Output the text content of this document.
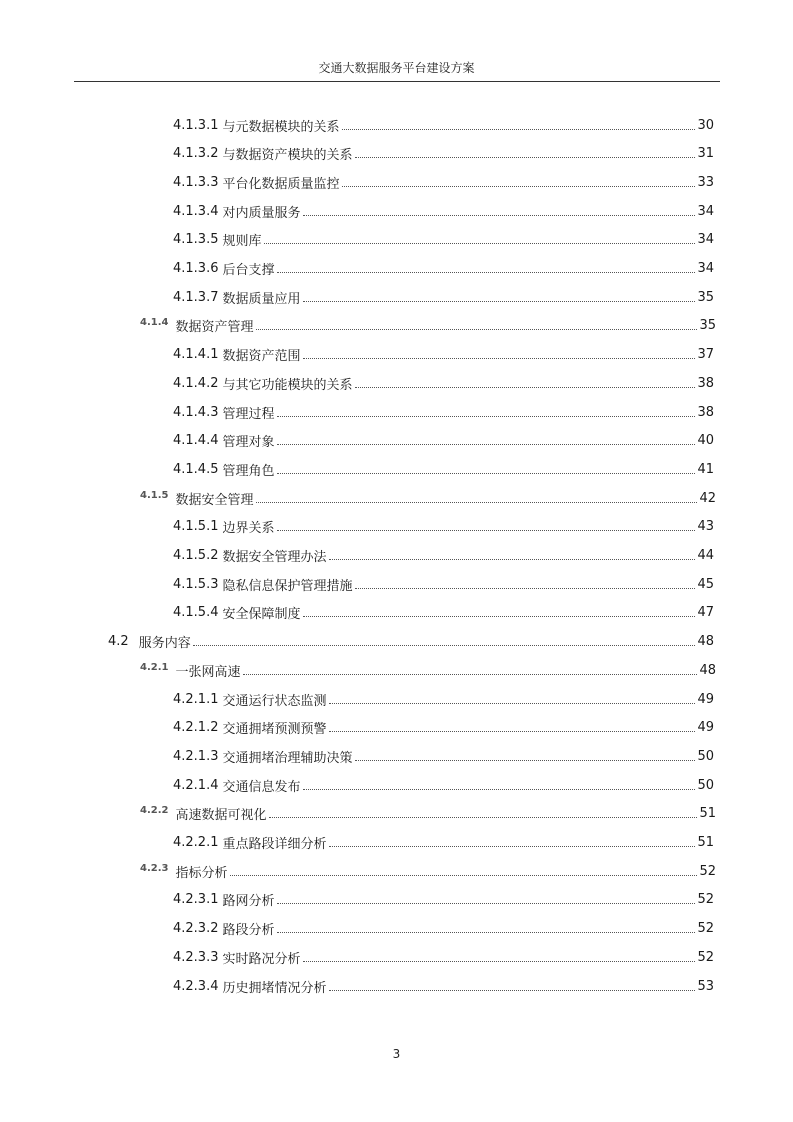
交通大数据服务平台建设方案
4.1.3.1 与元数据模块的关系	30
4.1.3.2 与数据资产模块的关系	31
4.1.3.3 平台化数据质量监控	33
4.1.3.4 对内质量服务	34
4.1.3.5 规则库	34
4.1.3.6 后台支撑	34
4.1.3.7 数据质量应用	35
4.1.4 数据资产管理	35
4.1.4.1 数据资产范围	37
4.1.4.2 与其它功能模块的关系	38
4.1.4.3 管理过程	38
4.1.4.4 管理对象	40
4.1.4.5 管理角色	41
4.1.5 数据安全管理	42
4.1.5.1 边界关系	43
4.1.5.2 数据安全管理办法	44
4.1.5.3 隐私信息保护管理措施	45
4.1.5.4 安全保障制度	47
4.2 服务内容	48
4.2.1 一张网高速	48
4.2.1.1 交通运行状态监测	49
4.2.1.2 交通拥堵预测预警	49
4.2.1.3 交通拥堵治理辅助决策	50
4.2.1.4 交通信息发布	50
4.2.2 高速数据可视化	51
4.2.2.1 重点路段详细分析	51
4.2.3 指标分析	52
4.2.3.1 路网分析	52
4.2.3.2 路段分析	52
4.2.3.3 实时路况分析	52
4.2.3.4 历史拥堵情况分析	53
3
